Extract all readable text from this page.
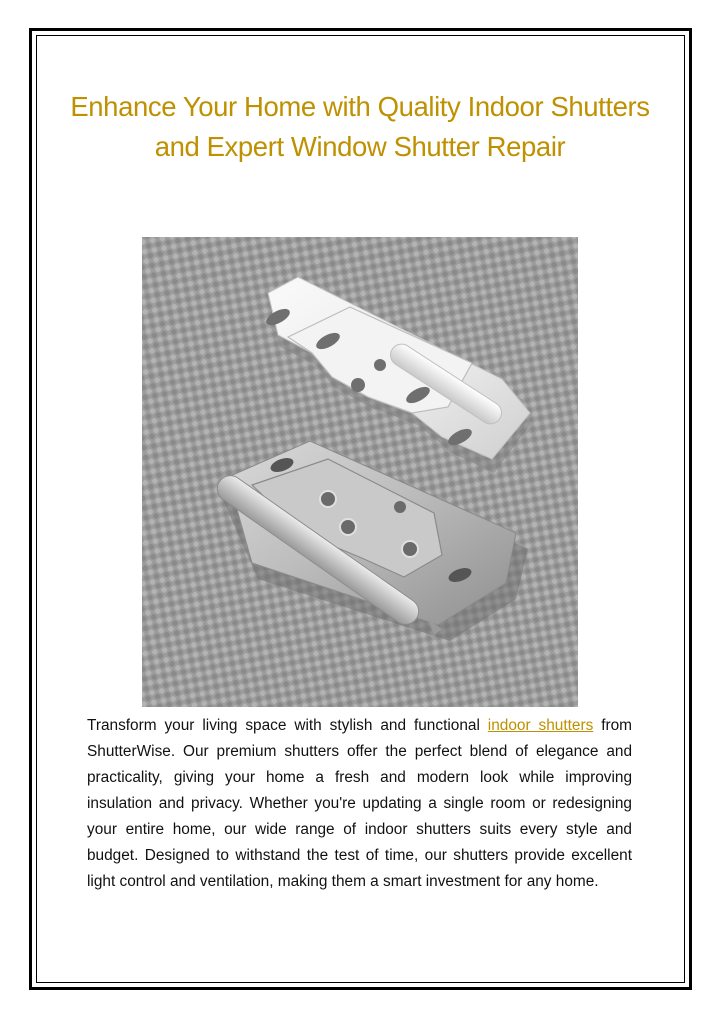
Enhance Your Home with Quality Indoor Shutters and Expert Window Shutter Repair

Transform your living space with stylish and functional indoor shutters from ShutterWise. Our premium shutters offer the perfect blend of elegance and practicality, giving your home a fresh and modern look while improving insulation and privacy. Whether you're updating a single room or redesigning your entire home, our wide range of indoor shutters suits every style and budget. Designed to withstand the test of time, our shutters provide excellent light control and ventilation, making them a smart investment for any home.
